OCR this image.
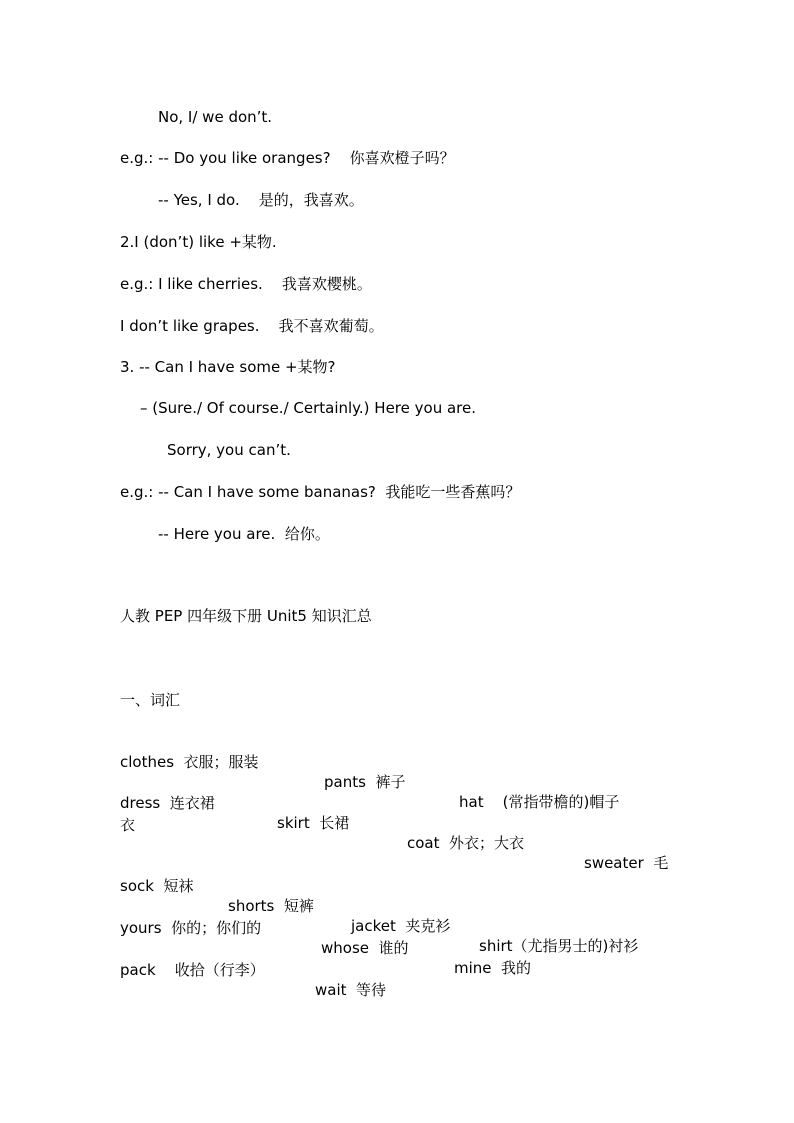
No, I/ we don’t.
e.g.: -- Do you like oranges?    你喜欢橙子吗？
-- Yes, I do.    是的，我喜欢。
2.I (don’t) like +某物.
e.g.: I like cherries.    我喜欢樱桃。
I don’t like grapes.    我不喜欢葡萄。
3. -- Can I have some +某物?
– (Sure./ Of course./ Certainly.) Here you are.
Sorry, you can’t.
e.g.: -- Can I have some bananas?  我能吃一些香蕉吗？
-- Here you are.  给你。
人教 PEP 四年级下册 Unit5 知识汇总
一、词汇

clothes  衣服；服装

pants  裤子

hat    (常指带檐的)帽子

dress  连衣裙

skirt  长裙

coat  外衣；大衣

sweater  毛

衣

sock  短袜

shorts  短裤

jacket  夹克衫

shirt（尤指男士的)衬衫

yours  你的；你们的

whose  谁的

mine  我的

pack    收拾（行李）

wait  等待
